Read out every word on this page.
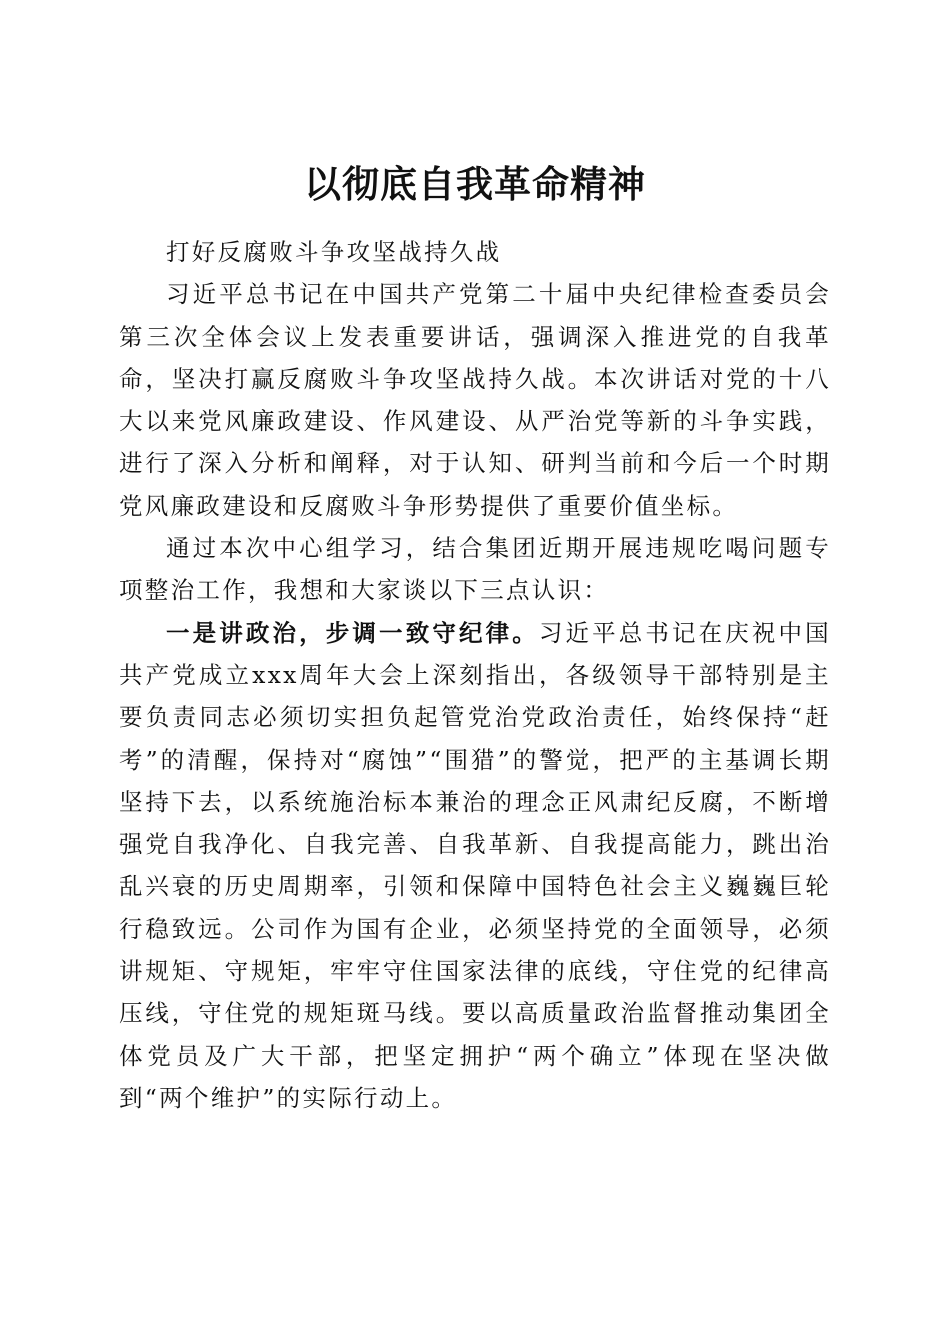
以彻底自我革命精神

打好反腐败斗争攻坚战持久战

习近平总书记在中国共产党第二十届中央纪律检查委员会第三次全体会议上发表重要讲话，强调深入推进党的自我革命，坚决打赢反腐败斗争攻坚战持久战。本次讲话对党的十八大以来党风廉政建设、作风建设、从严治党等新的斗争实践，进行了深入分析和阐释，对于认知、研判当前和今后一个时期党风廉政建设和反腐败斗争形势提供了重要价值坐标。

通过本次中心组学习，结合集团近期开展违规吃喝问题专项整治工作，我想和大家谈以下三点认识：

一是讲政治，步调一致守纪律。习近平总书记在庆祝中国共产党成立xxx周年大会上深刻指出，各级领导干部特别是主要负责同志必须切实担负起管党治党政治责任，始终保持“赶考”的清醒，保持对“腐蚀”“围猎”的警觉，把严的主基调长期坚持下去，以系统施治标本兼治的理念正风肃纪反腐，不断增强党自我净化、自我完善、自我革新、自我提高能力，跳出治乱兴衰的历史周期率，引领和保障中国特色社会主义巍巍巨轮行稳致远。公司作为国有企业，必须坚持党的全面领导，必须讲规矩、守规矩，牢牢守住国家法律的底线，守住党的纪律高压线，守住党的规矩斑马线。要以高质量政治监督推动集团全体党员及广大干部，把坚定拥护“两个确立”体现在坚决做到“两个维护”的实际行动上。
